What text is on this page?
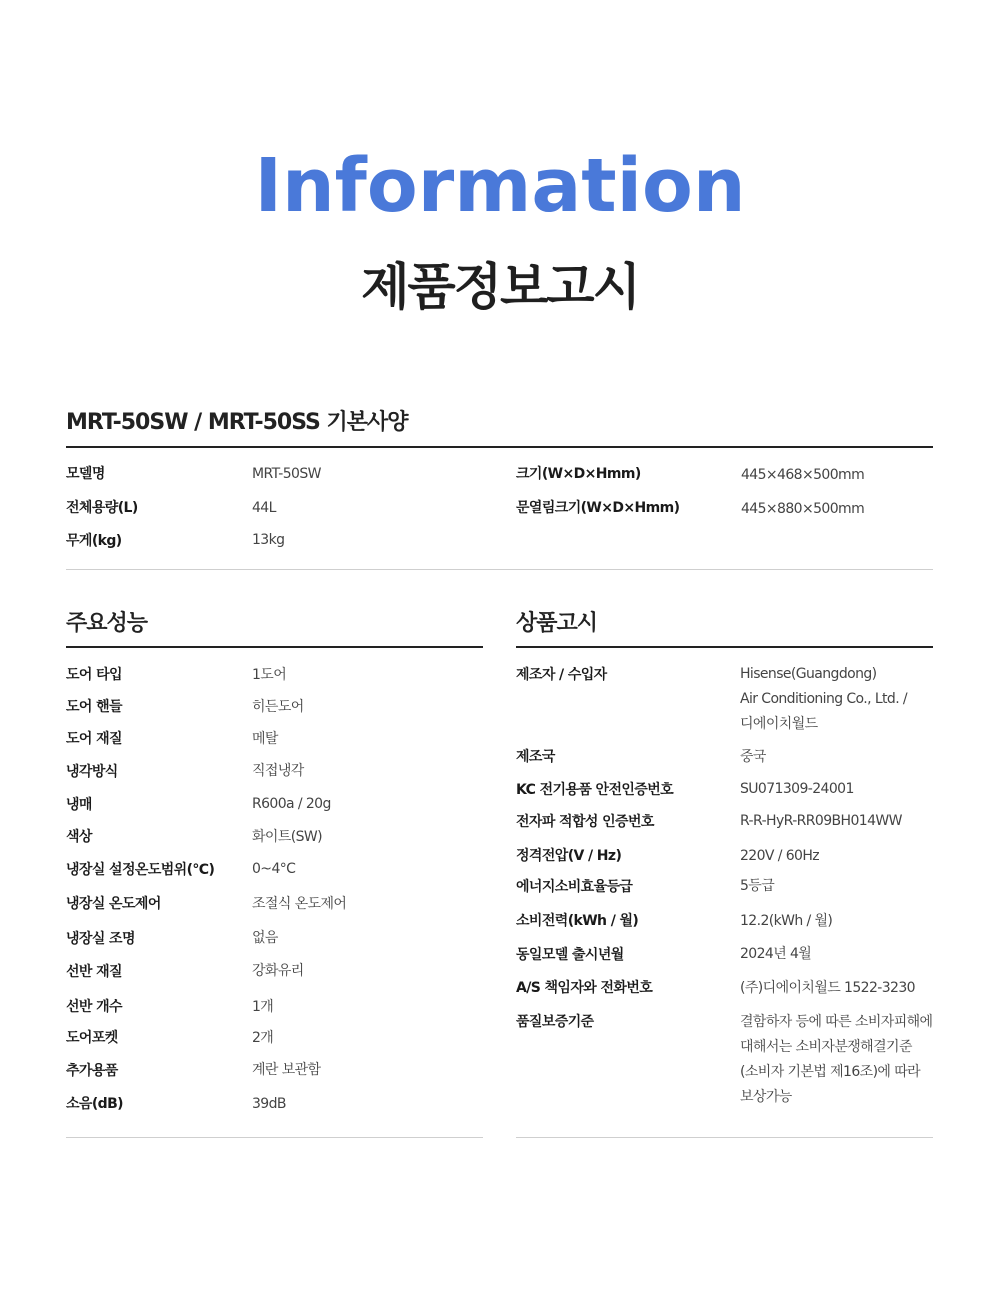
Information
제품정보고시
MRT-50SW / MRT-50SS 기본사양
모델명	MRT-50SW
전체용량(L)	44L
무게(kg)	13kg
크기(W×D×Hmm)	445×468×500mm
문열림크기(W×D×Hmm)	445×880×500mm
주요성능
도어 타입	1도어
도어 핸들	히든도어
도어 재질	메탈
냉각방식	직접냉각
냉매	R600a / 20g
색상	화이트(SW)
냉장실 설정온도범위(°C)	0~4°C
냉장실 온도제어	조절식 온도제어
냉장실 조명	없음
선반 재질	강화유리
선반 개수	1개
도어포켓	2개
추가용품	계란 보관함
소음(dB)	39dB
상품고시
제조자 / 수입자	Hisense(Guangdong)
Air Conditioning Co., Ltd. /
디에이치월드
제조국	중국
KC 전기용품 안전인증번호	SU071309-24001
전자파 적합성 인증번호	R-R-HyR-RR09BH014WW
정격전압(V / Hz)	220V / 60Hz
에너지소비효율등급	5등급
소비전력(kWh / 월)	12.2(kWh / 월)
동일모델 출시년월	2024년 4월
A/S 책임자와 전화번호	(주)디에이치월드 1522-3230
품질보증기준	결함하자 등에 따른 소비자피해에
대해서는 소비자분쟁해결기준
(소비자 기본법 제16조)에 따라
보상가능
